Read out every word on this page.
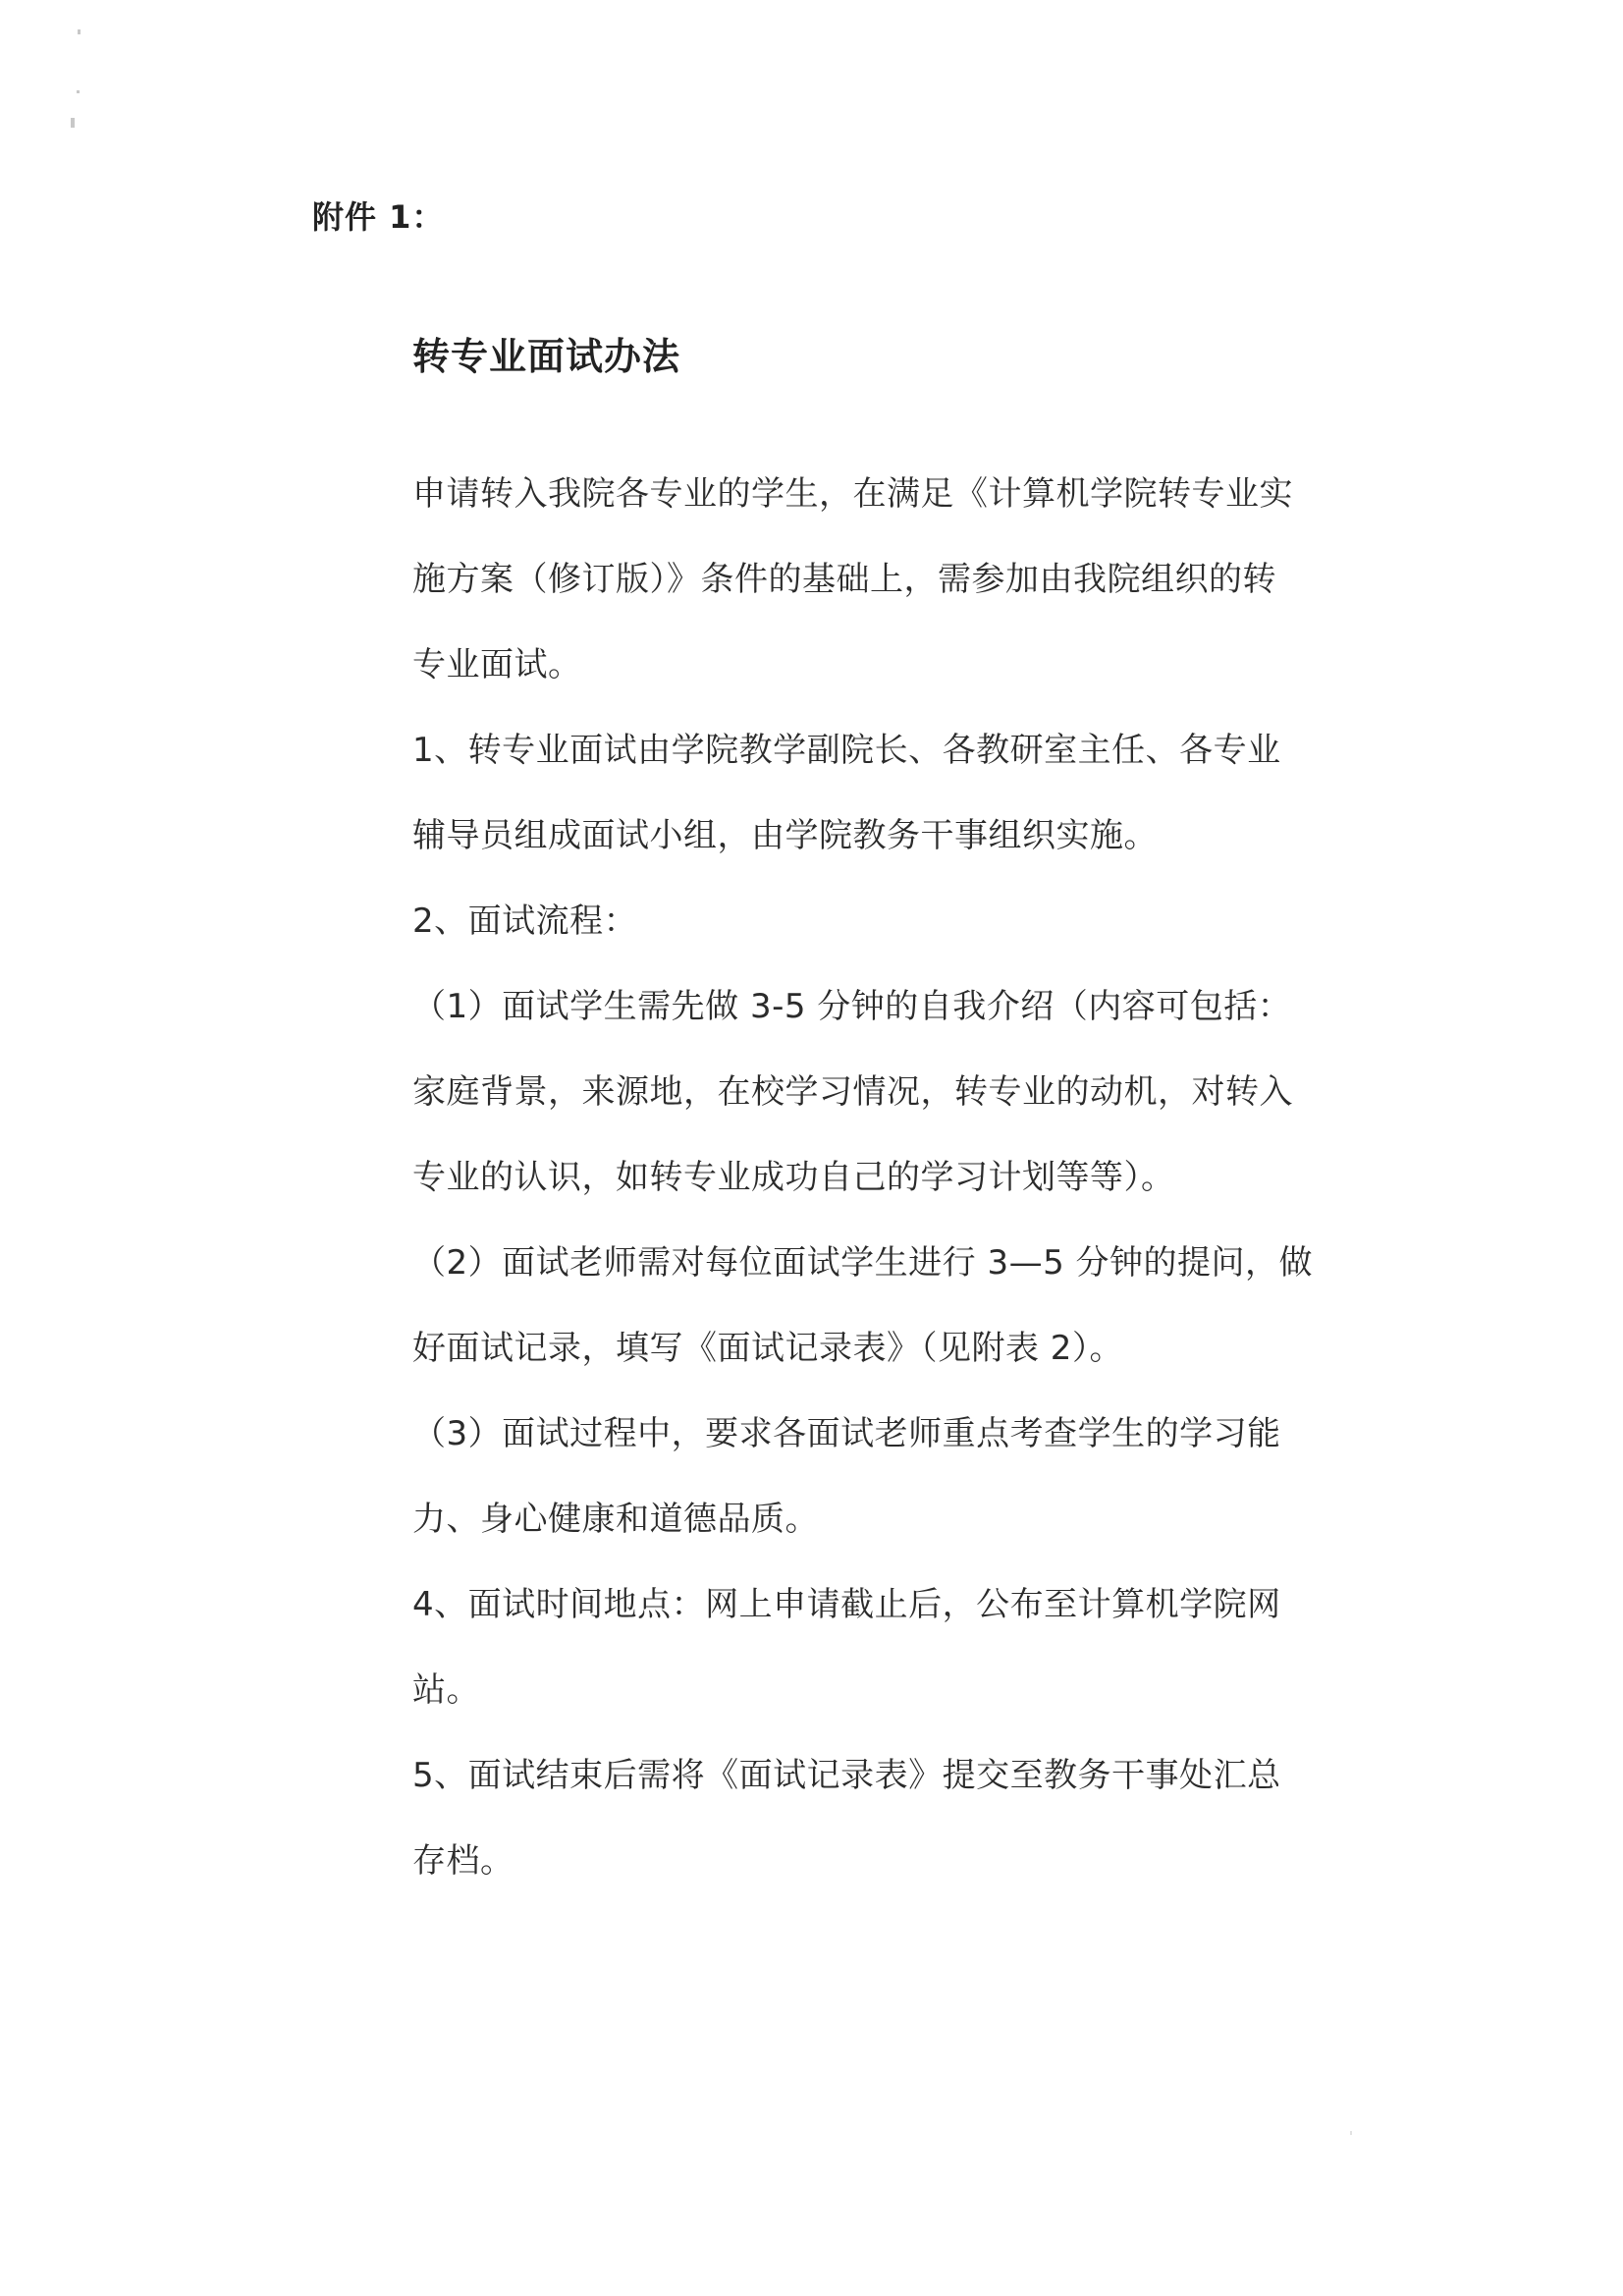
附件 1：
转专业面试办法

申请转入我院各专业的学生，在满足《计算机学院转专业实
施方案（修订版）》条件的基础上，需参加由我院组织的转
专业面试。

1、转专业面试由学院教学副院长、各教研室主任、各专业
辅导员组成面试小组，由学院教务干事组织实施。

2、面试流程：

（1）面试学生需先做 3-5 分钟的自我介绍（内容可包括：
家庭背景，来源地，在校学习情况，转专业的动机，对转入
专业的认识，如转专业成功自己的学习计划等等）。

（2）面试老师需对每位面试学生进行 3—5 分钟的提问，做
好面试记录，填写《面试记录表》（见附表 2）。

（3）面试过程中，要求各面试老师重点考查学生的学习能
力、身心健康和道德品质。

4、面试时间地点：网上申请截止后，公布至计算机学院网
站。

5、面试结束后需将《面试记录表》提交至教务干事处汇总
存档。
